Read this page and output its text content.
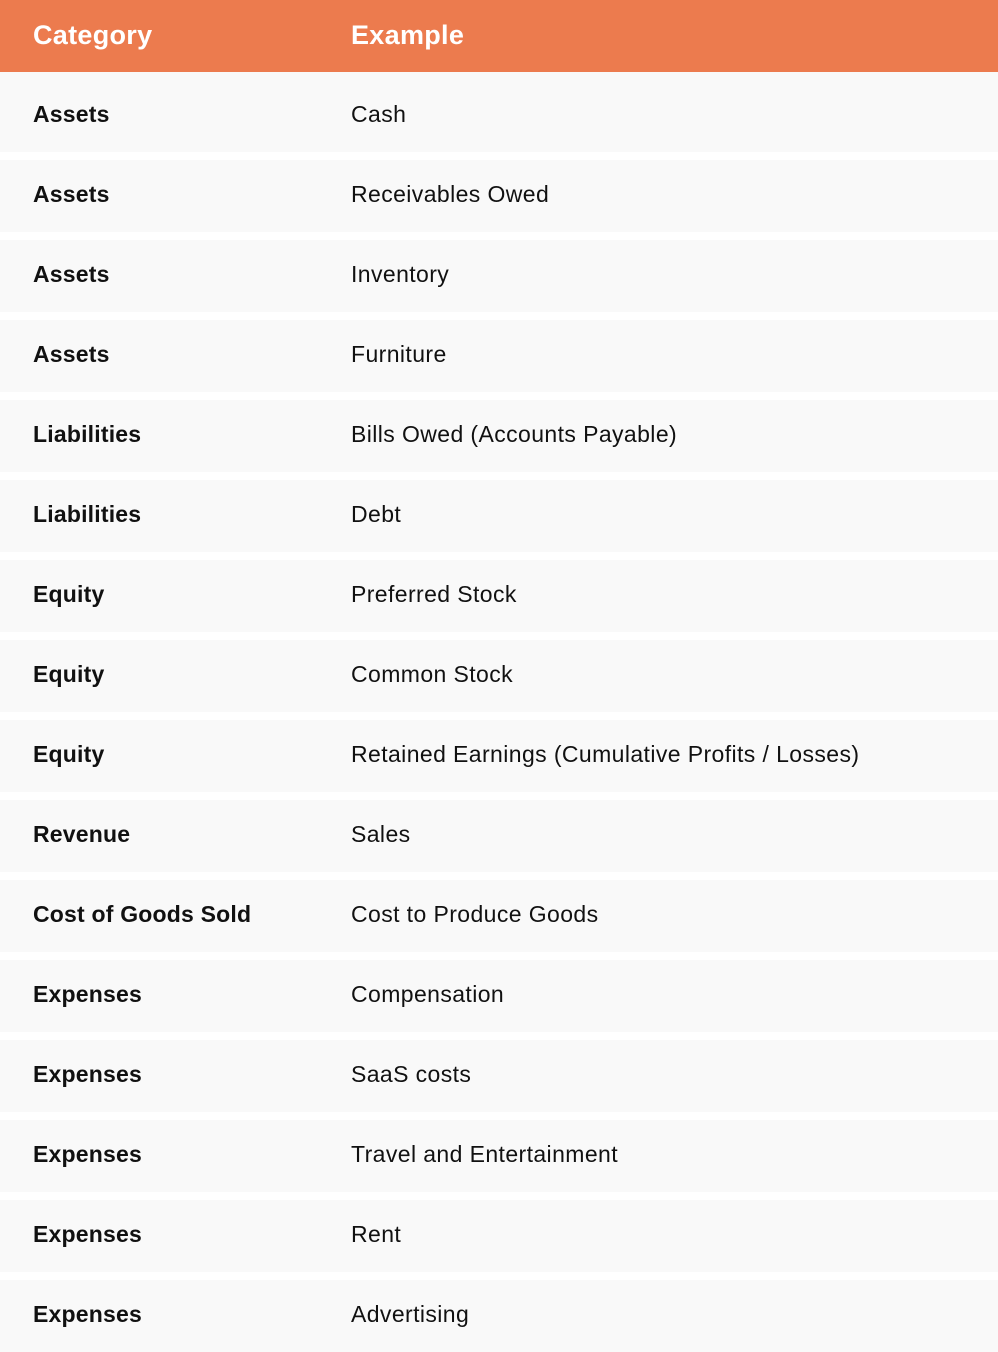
Category	Example
Assets	Cash
Assets	Receivables Owed
Assets	Inventory
Assets	Furniture
Liabilities	Bills Owed (Accounts Payable)
Liabilities	Debt
Equity	Preferred Stock
Equity	Common Stock
Equity	Retained Earnings (Cumulative Profits / Losses)
Revenue	Sales
Cost of Goods Sold	Cost to Produce Goods
Expenses	Compensation
Expenses	SaaS costs
Expenses	Travel and Entertainment
Expenses	Rent
Expenses	Advertising
